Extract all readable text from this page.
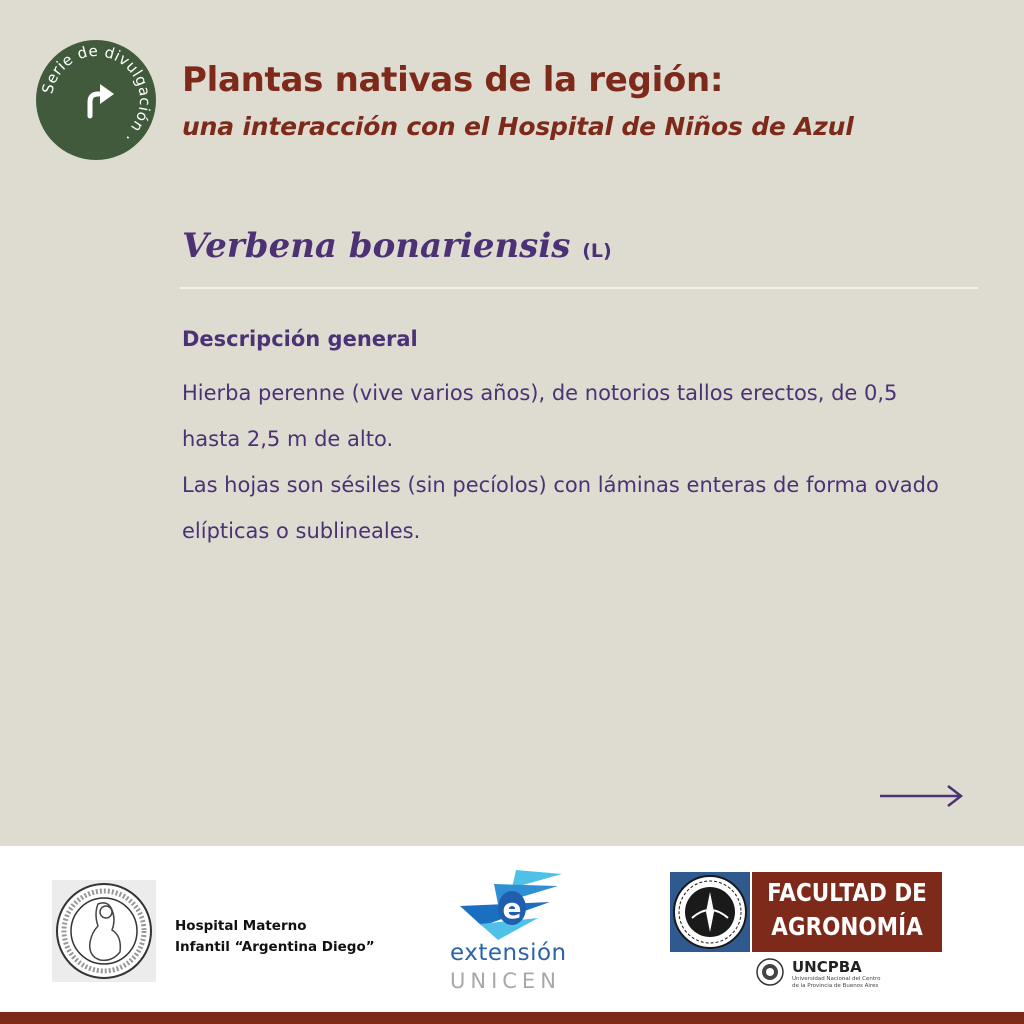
Serie de divulgación ·
Plantas nativas de la región:
una interacción con el Hospital de Niños de Azul
Verbena bonariensis (L)
Descripción general

Hierba perenne (vive varios años), de notorios tallos erectos, de 0,5 hasta 2,5 m de alto.

Las hojas son sésiles (sin pecíolos) con láminas enteras de forma ovado elípticas o sublineales.

Hospital Materno
Infantil “Argentina Diego”

e

extensión

UNICEN

FACULTAD DE

AGRONOMÍA

UNCPBA

Universidad Nacional del Centro
de la Provincia de Buenos Aires
